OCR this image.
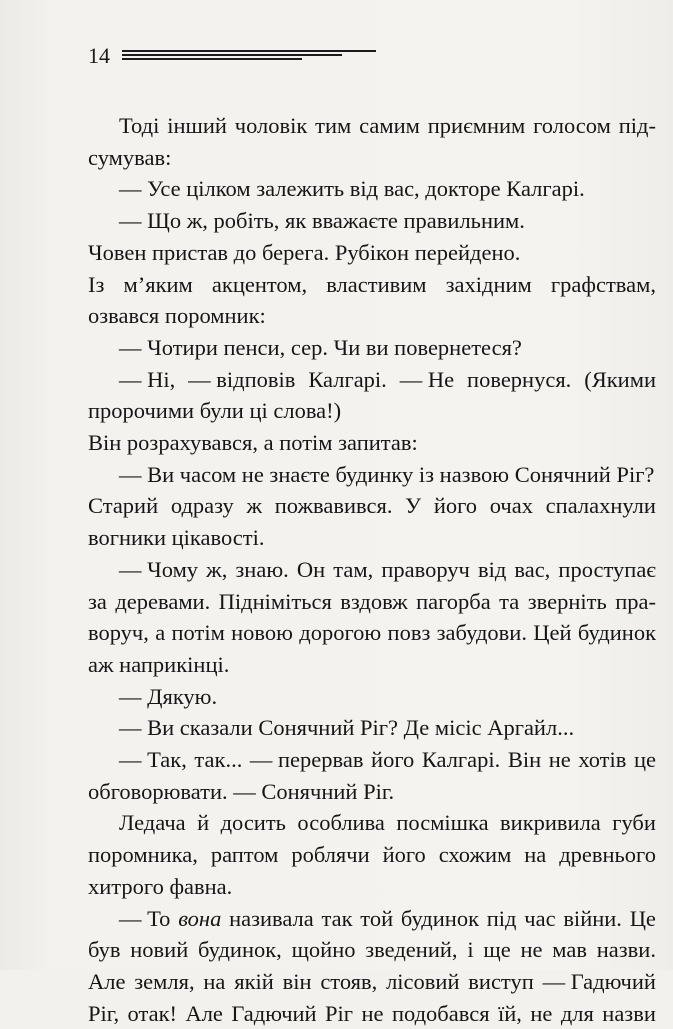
14

Тоді інший чоловік тим самим приємним голосом під-

сумував:

— Усе цілком залежить від вас, докторе Калгарі.

— Що ж, робіть, як вважаєте правильним.

Човен пристав до берега. Рубікон перейдено.

Із м’яким акцентом, властивим західним графствам,

озвався поромник:

— Чотири пенси, сер. Чи ви повернетеся?

— Ні, — відповів Калгарі. — Не повернуся. (Якими

пророчими були ці слова!)

Він розрахувався, а потім запитав:

— Ви часом не знаєте будинку із назвою Сонячний Ріг?

Старий одразу ж пожвавився. У його очах спалахнули

вогники цікавості.

— Чому ж, знаю. Он там, праворуч від вас, проступає

за деревами. Підніміться вздовж пагорба та зверніть пра-

воруч, а потім новою дорогою повз забудови. Цей будинок

аж наприкінці.

— Дякую.

— Ви сказали Сонячний Ріг? Де місіс Аргайл...

— Так, так... — перервав його Калгарі. Він не хотів це

обговорювати. — Сонячний Ріг.

Ледача й досить особлива посмішка викривила губи

поромника, раптом роблячи його схожим на древнього

хитрого фавна.

— То вона називала так той будинок під час війни. Це

був новий будинок, щойно зведений, і ще не мав назви.

Але земля, на якій він стояв, лісовий виступ — Гадючий

Ріг, отак! Але Гадючий Ріг не подобався їй, не для назви
